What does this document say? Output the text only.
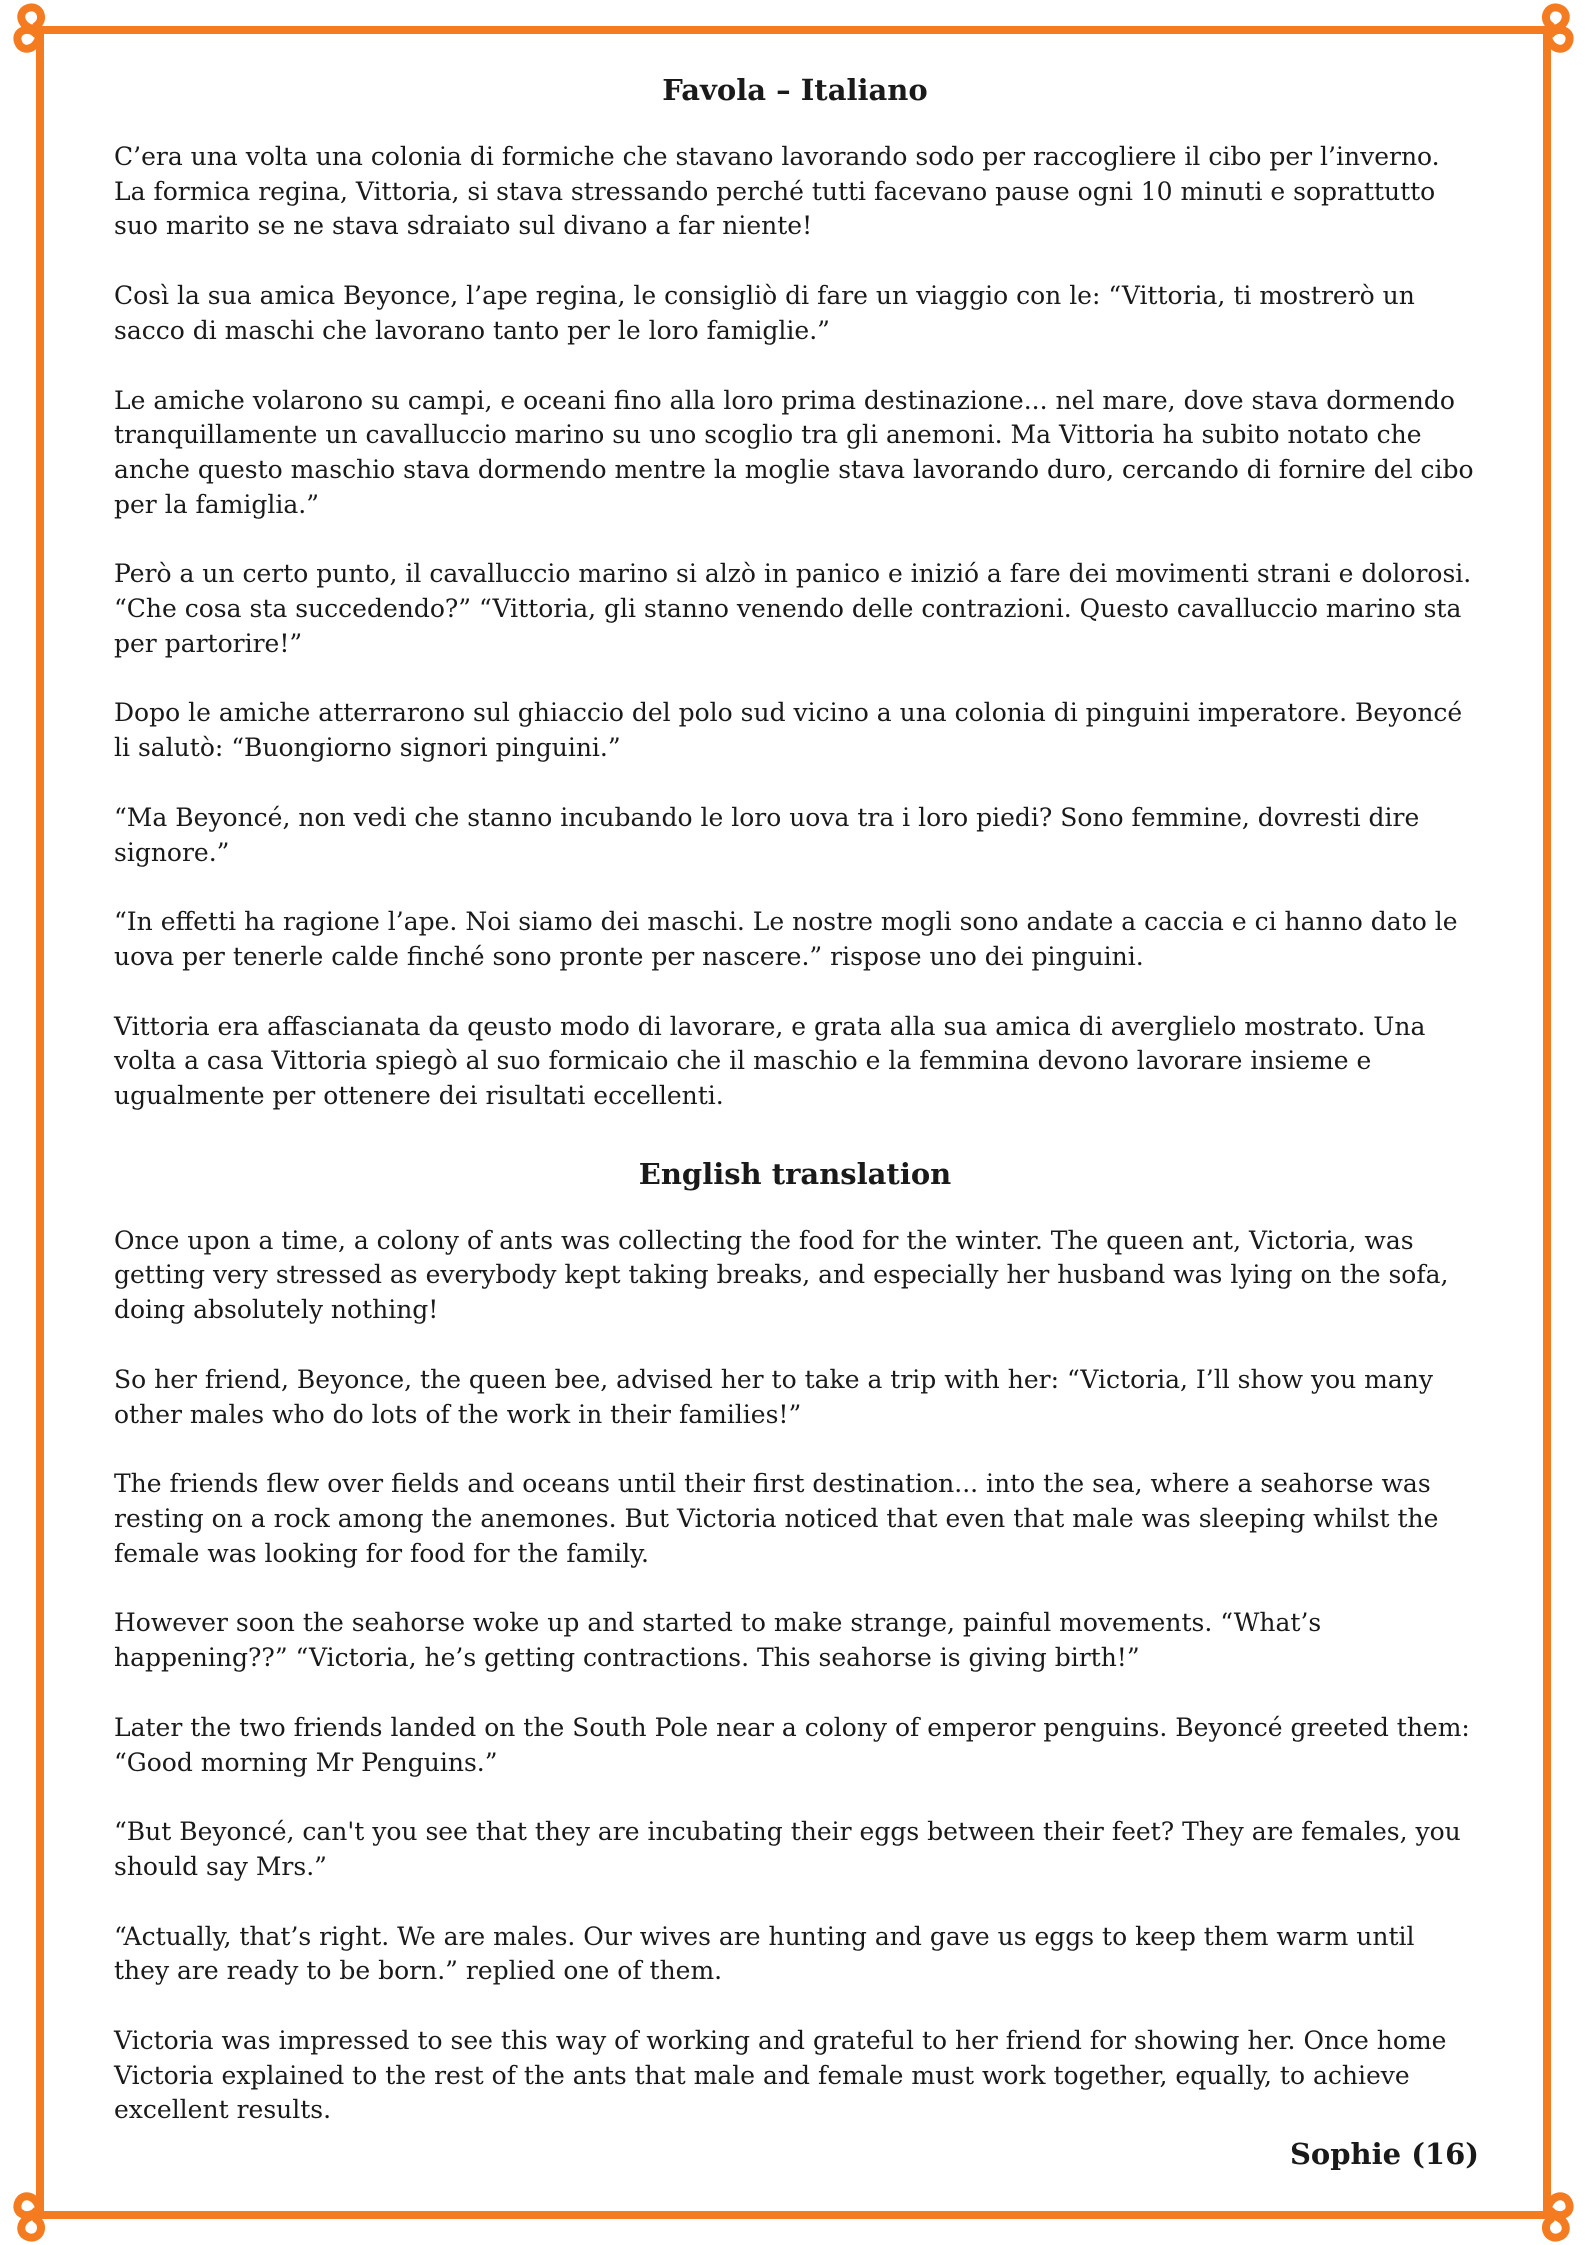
Favola – Italiano

C’era una volta una colonia di formiche che stavano lavorando sodo per raccogliere il cibo per l’inverno. La formica regina, Vittoria, si stava stressando perché tutti facevano pause ogni 10 minuti e soprattutto suo marito se ne stava sdraiato sul divano a far niente!

Così la sua amica Beyonce, l’ape regina, le consigliò di fare un viaggio con le: “Vittoria, ti mostrerò un sacco di maschi che lavorano tanto per le loro famiglie.”

Le amiche volarono su campi, e oceani fino alla loro prima destinazione... nel mare, dove stava dormendo tranquillamente un cavalluccio marino su uno scoglio tra gli anemoni. Ma Vittoria ha subito notato che anche questo maschio stava dormendo mentre la moglie stava lavorando duro, cercando di fornire del cibo per la famiglia.”

Però a un certo punto, il cavalluccio marino si alzò in panico e inizió a fare dei movimenti strani e dolorosi. “Che cosa sta succedendo?” “Vittoria, gli stanno venendo delle contrazioni. Questo cavalluccio marino sta per partorire!”

Dopo le amiche atterrarono sul ghiaccio del polo sud vicino a una colonia di pinguini imperatore. Beyoncé li salutò: “Buongiorno signori pinguini.”

“Ma Beyoncé, non vedi che stanno incubando le loro uova tra i loro piedi? Sono femmine, dovresti dire signore.”

“In effetti ha ragione l’ape. Noi siamo dei maschi. Le nostre mogli sono andate a caccia e ci hanno dato le uova per tenerle calde finché sono pronte per nascere.” rispose uno dei pinguini.

Vittoria era affascianata da qeusto modo di lavorare, e grata alla sua amica di averglielo mostrato. Una volta a casa Vittoria spiegò al suo formicaio che il maschio e la femmina devono lavorare insieme e ugualmente per ottenere dei risultati eccellenti.

English translation

Once upon a time, a colony of ants was collecting the food for the winter. The queen ant, Victoria, was getting very stressed as everybody kept taking breaks, and especially her husband was lying on the sofa, doing absolutely nothing!

So her friend, Beyonce, the queen bee, advised her to take a trip with her: “Victoria, I’ll show you many other males who do lots of the work in their families!”

The friends flew over fields and oceans until their first destination... into the sea, where a seahorse was resting on a rock among the anemones. But Victoria noticed that even that male was sleeping whilst the female was looking for food for the family.

However soon the seahorse woke up and started to make strange, painful movements. “What’s happening??” “Victoria, he’s getting contractions. This seahorse is giving birth!”

Later the two friends landed on the South Pole near a colony of emperor penguins. Beyoncé greeted them: “Good morning Mr Penguins.”

“But Beyoncé, can't you see that they are incubating their eggs between their feet? They are females, you should say Mrs.”

“Actually, that’s right. We are males. Our wives are hunting and gave us eggs to keep them warm until they are ready to be born.” replied one of them.

Victoria was impressed to see this way of working and grateful to her friend for showing her. Once home Victoria explained to the rest of the ants that male and female must work together, equally, to achieve excellent results.

Sophie (16)
